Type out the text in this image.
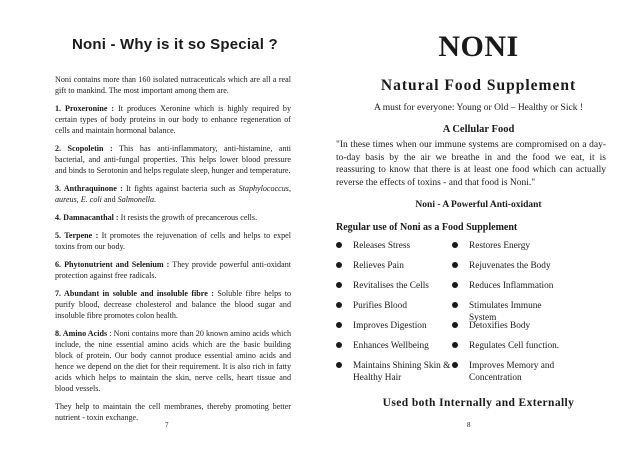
Noni - Why is it so Special ?

Noni contains more than 160 isolated nutraceuticals which are all a real gift to mankind. The most important among them are.

1. Proxeronine : It produces Xeronine which is highly required by certain types of body proteins in our body to enhance regeneration of cells and maintain hormonal balance.

2. Scopoletin : This has anti-inflammatory, anti-histamine, anti bacterial, and anti-fungal properties. This helps lower blood pressure and binds to Serotonin and helps regulate sleep, hunger and temperature.

3. Anthraquinone : It fights against bacteria such as Staphylococcus, aureus, E. coli and Salmonella.

4. Damnacanthal : It resists the growth of precancerous cells.

5. Terpene : It promotes the rejuvenation of cells and helps to expel toxins from our body.

6. Phytonutrient and Selenium : They provide powerful anti-oxidant protection against free radicals.

7. Abundant in soluble and insoluble fibre : Soluble fibre helps to purify blood, decrease cholesterol and balance the blood sugar and insoluble fibre promotes colon health.

8. Amino Acids : Noni contains more than 20 known amino acids which include, the nine essential amino acids which are the basic building block of protein. Our body cannot produce essential amino acids and hence we depend on the diet for their requirement. It is also rich in fatty acids which helps to maintain the skin, nerve cells, heart tissue and blood vessels.

They help to maintain the cell membranes, thereby promoting better nutrient - toxin exchange.

7
NONI
Natural Food Supplement
A must for everyone: Young or Old – Healthy or Sick !
A Cellular Food
"In these times when our immune systems are compromised on a day-to-day basis by the air we breathe in and the food we eat, it is reassuring to know that there is at least one food which can actually reverse the effects of toxins - and that food is Noni."
Noni - A Powerful Anti-oxidant
Regular use of Noni as a Food Supplement
Releases Stress	Restores Energy
Relieves Pain	Rejuvenates the Body
Revitalises the Cells	Reduces Inflammation
Purifies Blood	Stimulates Immune System
Improves Digestion	Detoxifies Body
Enhances Wellbeing	Regulates Cell function.
Maintains Shining Skin & Healthy Hair
Improves Memory and Concentration
Used both Internally and Externally
8
